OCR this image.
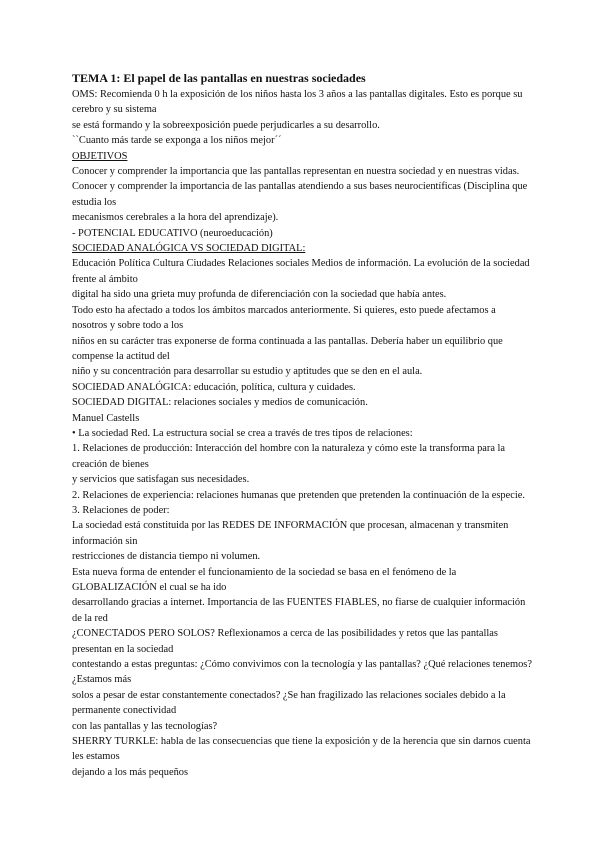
TEMA 1: El papel de las pantallas en nuestras sociedades

OMS: Recomienda 0 h la exposición de los niños hasta los 3 años a las pantallas digitales. Esto es porque su cerebro y su sistema

se está formando y la sobreexposición puede perjudicarles a su desarrollo.

``Cuanto más tarde se exponga a los niños mejor´´

OBJETIVOS

Conocer y comprender la importancia que las pantallas representan en nuestra sociedad y en nuestras vidas.

Conocer y comprender la importancia de las pantallas atendiendo a sus bases neurocientíficas (Disciplina que estudia los

mecanismos cerebrales a la hora del aprendizaje).

- POTENCIAL EDUCATIVO (neuroeducación)

SOCIEDAD ANALÓGICA VS SOCIEDAD DIGITAL:

Educación Política Cultura Ciudades Relaciones sociales Medios de información. La evolución de la sociedad frente al ámbito

digital ha sido una grieta muy profunda de diferenciación con la sociedad que había antes.

Todo esto ha afectado a todos los ámbitos marcados anteriormente. Si quieres, esto puede afectamos a nosotros y sobre todo a los

niños en su carácter tras exponerse de forma continuada a las pantallas. Debería haber un equilibrio que compense la actitud del

niño y su concentración para desarrollar su estudio y aptitudes que se den en el aula.

SOCIEDAD ANALÓGICA: educación, política, cultura y cuidades.

SOCIEDAD DIGITAL: relaciones sociales y medios de comunicación.

Manuel Castells

• La sociedad Red. La estructura social se crea a través de tres tipos de relaciones:

1. Relaciones de producción: Interacción del hombre con la naturaleza y cómo este la transforma para la creación de bienes

y servicios que satisfagan sus necesidades.

2. Relaciones de experiencia: relaciones humanas que pretenden que pretenden la continuación de la especie.

3. Relaciones de poder:

La sociedad está constituida por las REDES DE INFORMACIÓN que procesan, almacenan y transmiten información sin

restricciones de distancia tiempo ni volumen.

Esta nueva forma de entender el funcionamiento de la sociedad se basa en el fenómeno de la GLOBALIZACIÓN el cual se ha ido

desarrollando gracias a internet. Importancia de las FUENTES FIABLES, no fiarse de cualquier información de la red

¿CONECTADOS PERO SOLOS? Reflexionamos a cerca de las posibilidades y retos que las pantallas presentan en la sociedad

contestando a estas preguntas: ¿Cómo convivimos con la tecnología y las pantallas? ¿Qué relaciones tenemos? ¿Estamos más

solos a pesar de estar constantemente conectados? ¿Se han fragilizado las relaciones sociales debido a la permanente conectividad

con las pantallas y las tecnologías?

SHERRY TURKLE: habla de las consecuencias que tiene la exposición y de la herencia que sin darnos cuenta les estamos

dejando a los más pequeños
